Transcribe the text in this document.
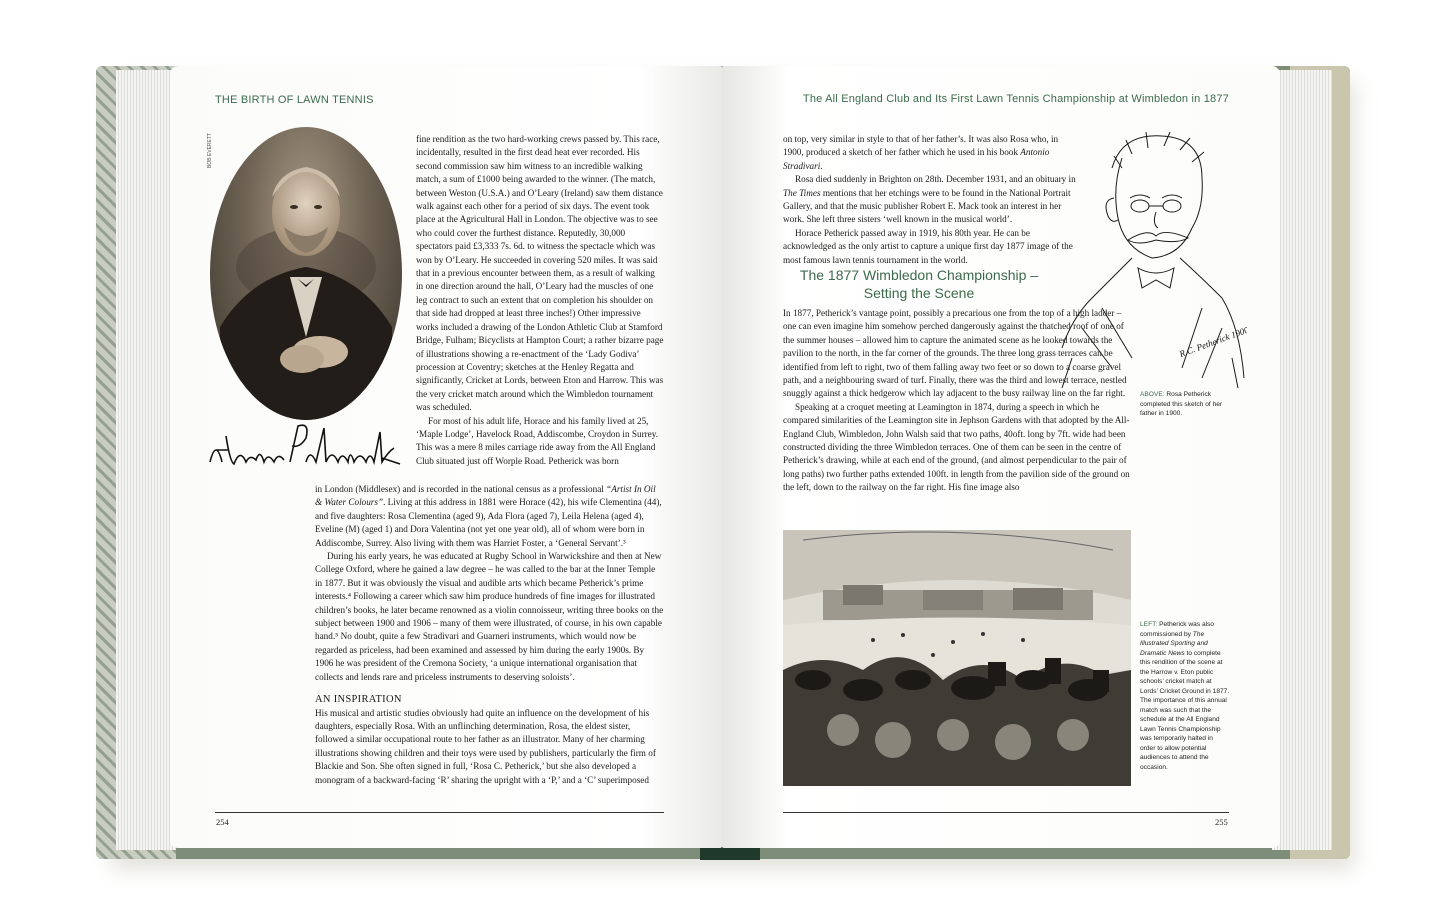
THE BIRTH OF LAWN TENNIS
BOB EVERETT	fine rendition as the two hard-working crews passed by. This race, incidentally, resulted in the first dead heat ever recorded. His second commission saw him witness to an incredible walking match, a sum of £1000 being awarded to the winner. (The match, between Weston (U.S.A.) and O’Leary (Ireland) saw them distance walk against each other for a period of six days. The event took place at the Agricultural Hall in London. The objective was to see who could cover the furthest distance. Reputedly, 30,000 spectators paid £3,333 7s. 6d. to witness the spectacle which was won by O’Leary. He succeeded in covering 520 miles. It was said that in a previous encounter between them, as a result of walking in one direction around the hall, O’Leary had the muscles of one leg contract to such an extent that on completion his shoulder on that side had dropped at least three inches!) Other impressive works included a drawing of the London Athletic Club at Stamford Bridge, Fulham; Bicyclists at Hampton Court; a rather bizarre page of illustrations showing a re-enactment of the ‘Lady Godiva’ procession at Coventry; sketches at the Henley Regatta and significantly, Cricket at Lords, between Eton and Harrow. This was the very cricket match around which the Wimbledon tournament was scheduled.

For most of his adult life, Horace and his family lived at 25, ‘Maple Lodge’, Havelock Road, Addiscombe, Croydon in Surrey. This was a mere 8 miles carriage ride away from the All England Club situated just off Worple Road. Petherick was born

in London (Middlesex) and is recorded in the national census as a professional “Artist In Oil & Water Colours”. Living at this address in 1881 were Horace (42), his wife Clementina (44), and five daughters: Rosa Clementina (aged 9), Ada Flora (aged 7), Leila Helena (aged 4), Eveline (M) (aged 1) and Dora Valentina (not yet one year old), all of whom were born in Addiscombe, Surrey. Also living with them was Harriet Foster, a ‘General Servant’.³

During his early years, he was educated at Rugby School in Warwickshire and then at New College Oxford, where he gained a law degree – he was called to the bar at the Inner Temple in 1877. But it was obviously the visual and audible arts which became Petherick’s prime interests.⁴ Following a career which saw him produce hundreds of fine images for illustrated children’s books, he later became renowned as a violin connoisseur, writing three books on the subject between 1900 and 1906 – many of them were illustrated, of course, in his own capable hand.⁵ No doubt, quite a few Stradivari and Guarneri instruments, which would now be regarded as priceless, had been examined and assessed by him during the early 1900s. By 1906 he was president of the Cremona Society, ‘a unique international organisation that collects and lends rare and priceless instruments to deserving soloists’.

AN INSPIRATION

His musical and artistic studies obviously had quite an influence on the development of his daughters, especially Rosa. With an unflinching determination, Rosa, the eldest sister, followed a similar occupational route to her father as an illustrator. Many of her charming illustrations showing children and their toys were used by publishers, particularly the firm of Blackie and Son. She often signed in full, ‘Rosa C. Petherick,’ but she also developed a monogram of a backward-facing ‘R’ sharing the upright with a ‘P,’ and a ‘C’ superimposed

254
The All England Club and Its First Lawn Tennis Championship at Wimbledon in 1877

on top, very similar in style to that of her father’s. It was also Rosa who, in 1900, produced a sketch of her father which he used in his book Antonio Stradivari.

Rosa died suddenly in Brighton on 28th. December 1931, and an obituary in The Times mentions that her etchings were to be found in the National Portrait Gallery, and that the music publisher Robert E. Mack took an interest in her work. She left three sisters ‘well known in the musical world’.

Horace Petherick passed away in 1919, his 80th year. He can be acknowledged as the only artist to capture a unique first day 1877 image of the most famous lawn tennis tournament in the world.

The 1877 Wimbledon Championship –
Setting the Scene
R.C. Petherick 1900
ABOVE: Rosa Petherick completed this sketch of her father in 1900.

In 1877, Petherick’s vantage point, possibly a precarious one from the top of a high ladder – one can even imagine him somehow perched dangerously against the thatched roof of one of the summer houses – allowed him to capture the animated scene as he looked towards the pavilion to the north, in the far corner of the grounds. The three long grass terraces can be identified from left to right, two of them falling away two feet or so down to a coarse gravel path, and a neighbouring sward of turf. Finally, there was the third and lowest terrace, nestled snuggly against a thick hedgerow which lay adjacent to the busy railway line on the far right.

Speaking at a croquet meeting at Leamington in 1874, during a speech in which he compared similarities of the Leamington site in Jephson Gardens with that adopted by the All-England Club, Wimbledon, John Walsh said that two paths, 40oft. long by 7ft. wide had been constructed dividing the three Wimbledon terraces. One of them can be seen in the centre of Petherick’s drawing, while at each end of the ground, (and almost perpendicular to the pair of long paths) two further paths extended 100ft. in length from the pavilion side of the ground on the left, down to the railway on the far right. His fine image also

LEFT: Petherick was also commissioned by The Illustrated Sporting and Dramatic News to complete this rendition of the scene at the Harrow v. Eton public schools’ cricket match at Lords’ Cricket Ground in 1877. The importance of this annual match was such that the schedule at the All England Lawn Tennis Championship was temporarily halted in order to allow potential audiences to attend the occasion.
255
